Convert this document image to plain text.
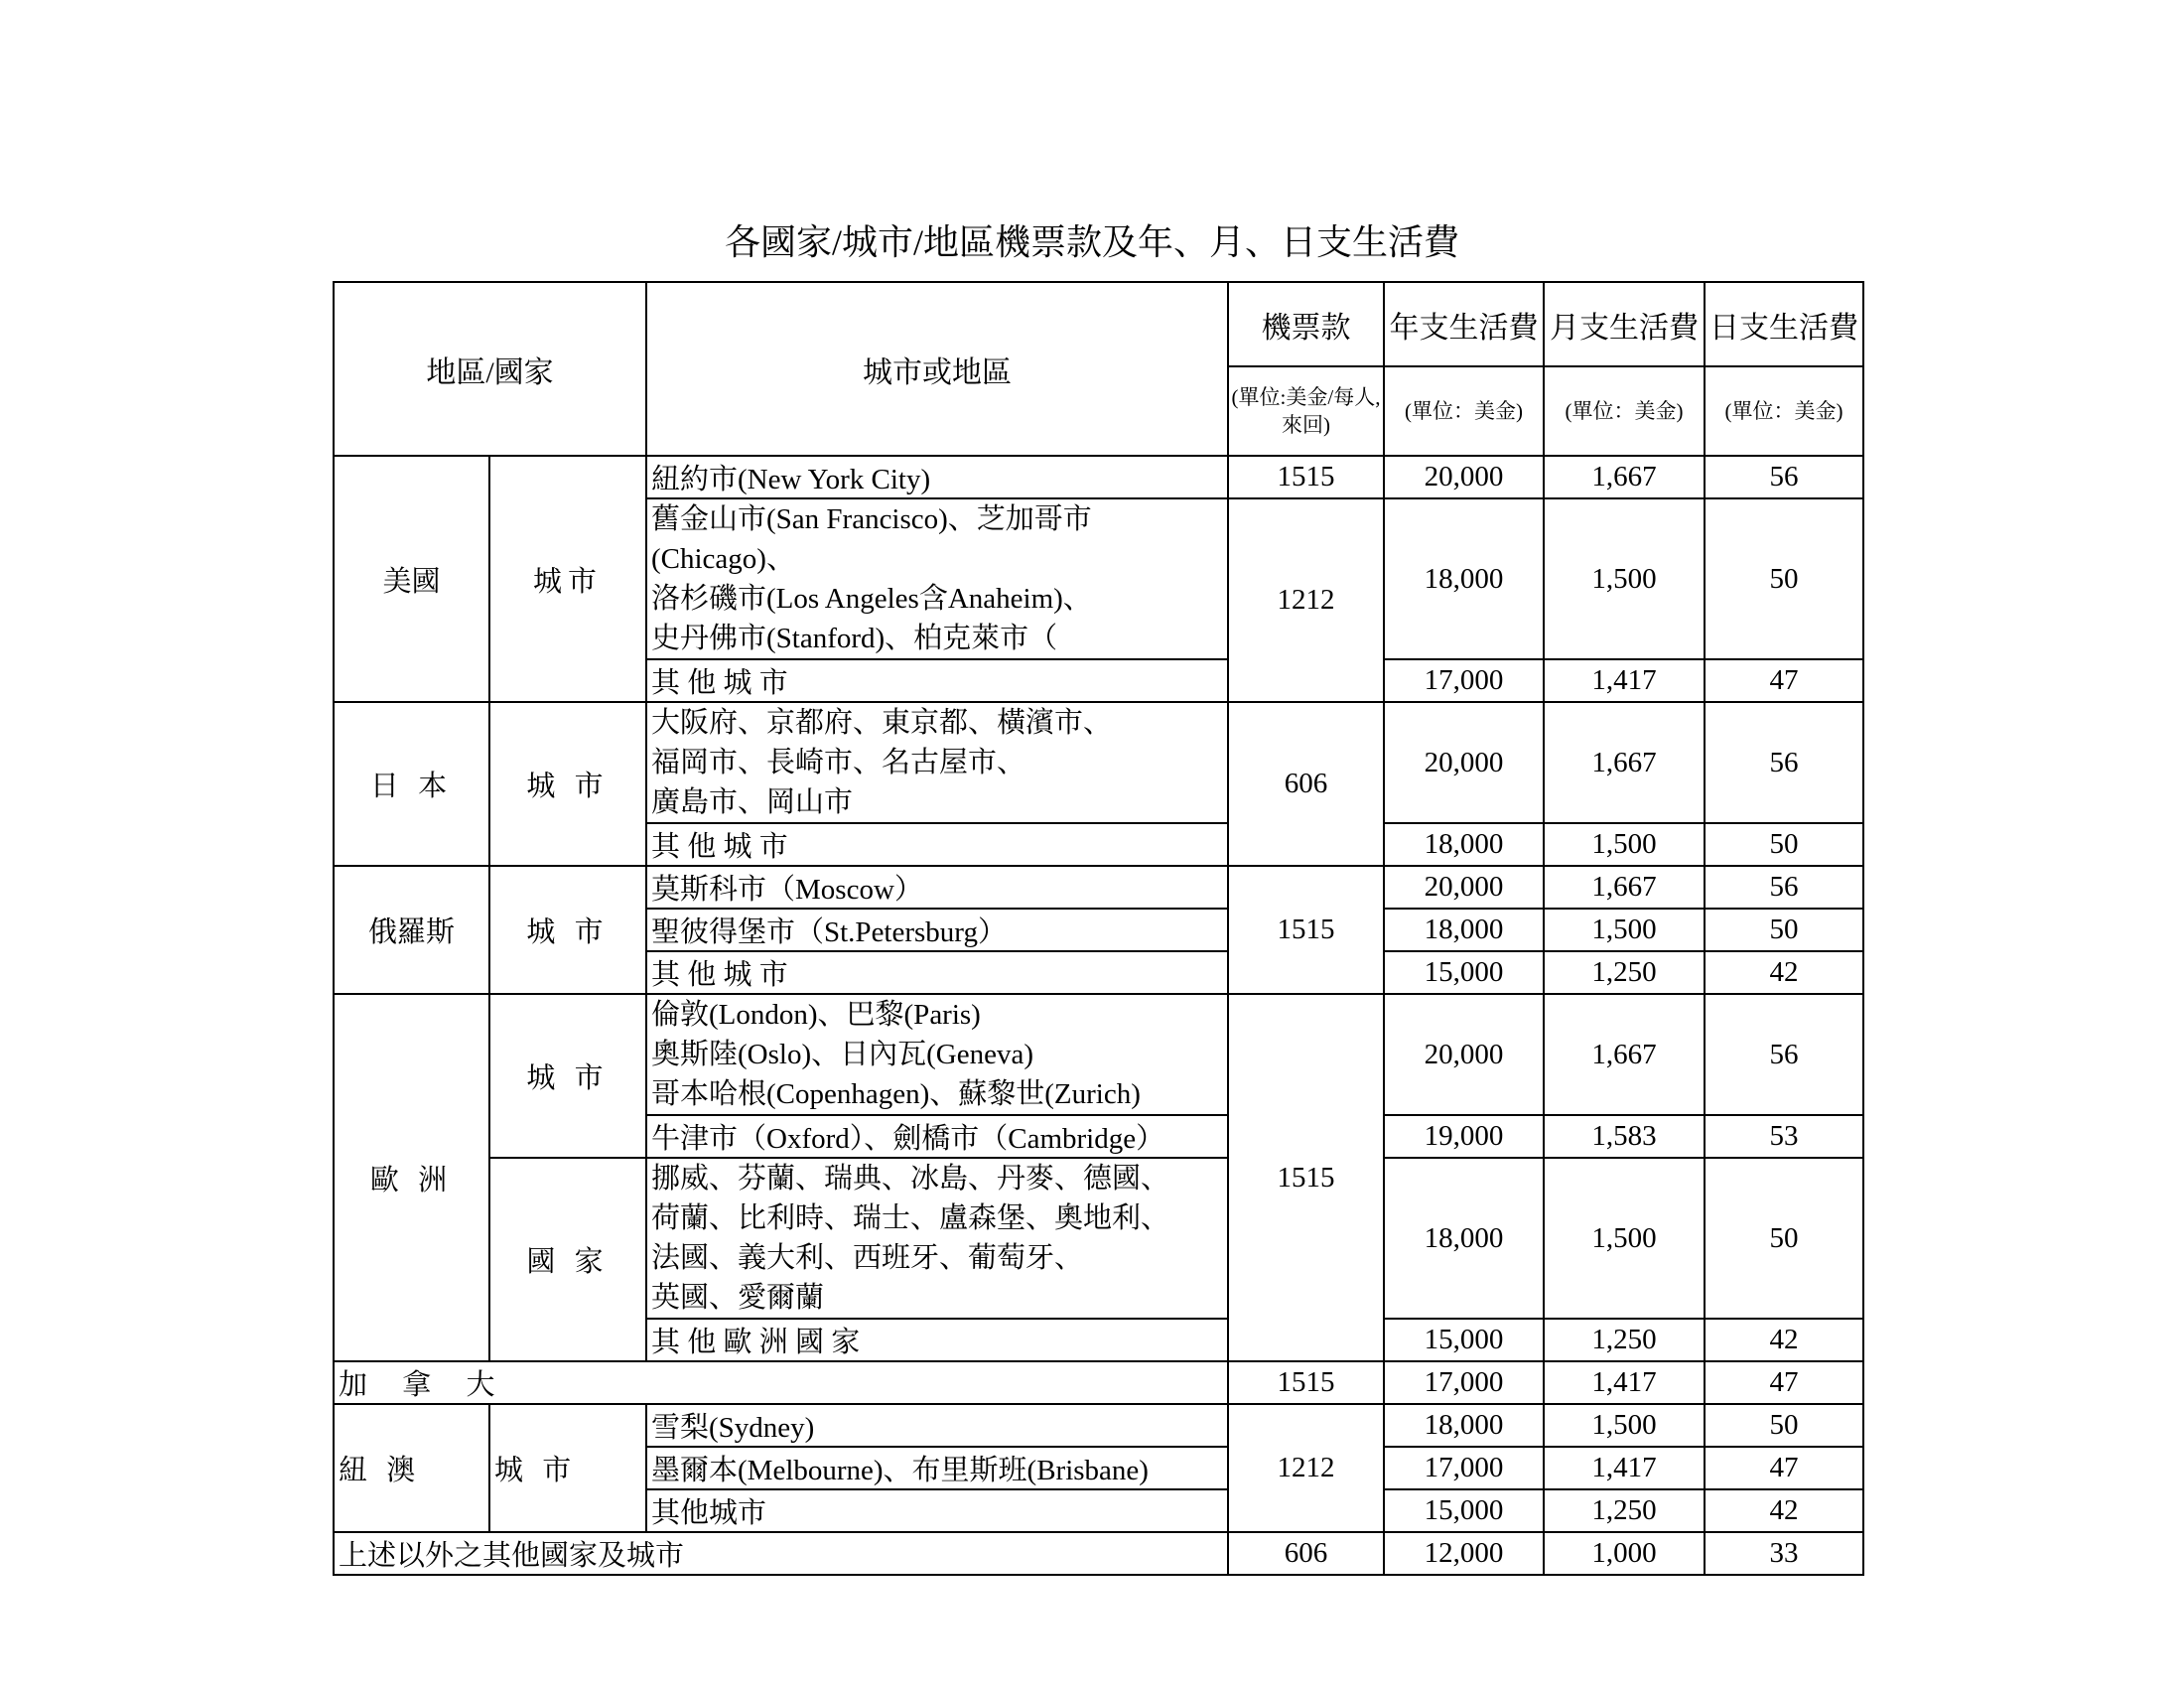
各國家/城市/地區機票款及年、月、日支生活費
地區/國家		城市或地區	機票款	年支生活費	月支生活費	日支生活費
			(單位:美金/每人,來回)	(單位：美金)	(單位：美金)	(單位：美金)
美國	城市	紐約市(New York City)	1515	20,000	1,667	56

		舊金山市(San Francisco)、芝加哥市
(Chicago)、
洛杉磯市(Los Angeles含Anaheim)、
史丹佛市(Stanford)、柏克萊市（	1212	18,000	1,500	50
		其 他 城 市		17,000	1,417	47
日 本	城 市	大阪府、京都府、東京都、橫濱市、
福岡市、長崎市、名古屋市、
廣島市、岡山市	606	20,000	1,667	56
		其 他 城 市		18,000	1,500	50
俄羅斯	城 市	莫斯科市（Moscow）	1515	20,000	1,667	56
		聖彼得堡市（St.Petersburg）		18,000	1,500	50
		其 他 城 市		15,000	1,250	42
歐 洲	城 市	倫敦(London)、巴黎(Paris)
奧斯陸(Oslo)、日內瓦(Geneva)
哥本哈根(Copenhagen)、蘇黎世(Zurich)	1515	20,000	1,667	56
		牛津市（Oxford）、劍橋市（Cambridge）		19,000	1,583	53
	國 家	挪威、芬蘭、瑞典、冰島、丹麥、德國、
荷蘭、比利時、瑞士、盧森堡、奧地利、
法國、義大利、西班牙、葡萄牙、
英國、愛爾蘭		18,000	1,500	50
		其 他 歐 洲 國 家		15,000	1,250	42
加 拿 大			1515	17,000	1,417	47
紐 澳	城 市	雪梨(Sydney)	1212	18,000	1,500	50
		墨爾本(Melbourne)、布里斯班(Brisbane)		17,000	1,417	47
		其他城市		15,000	1,250	42
上述以外之其他國家及城市			606	12,000	1,000	33
